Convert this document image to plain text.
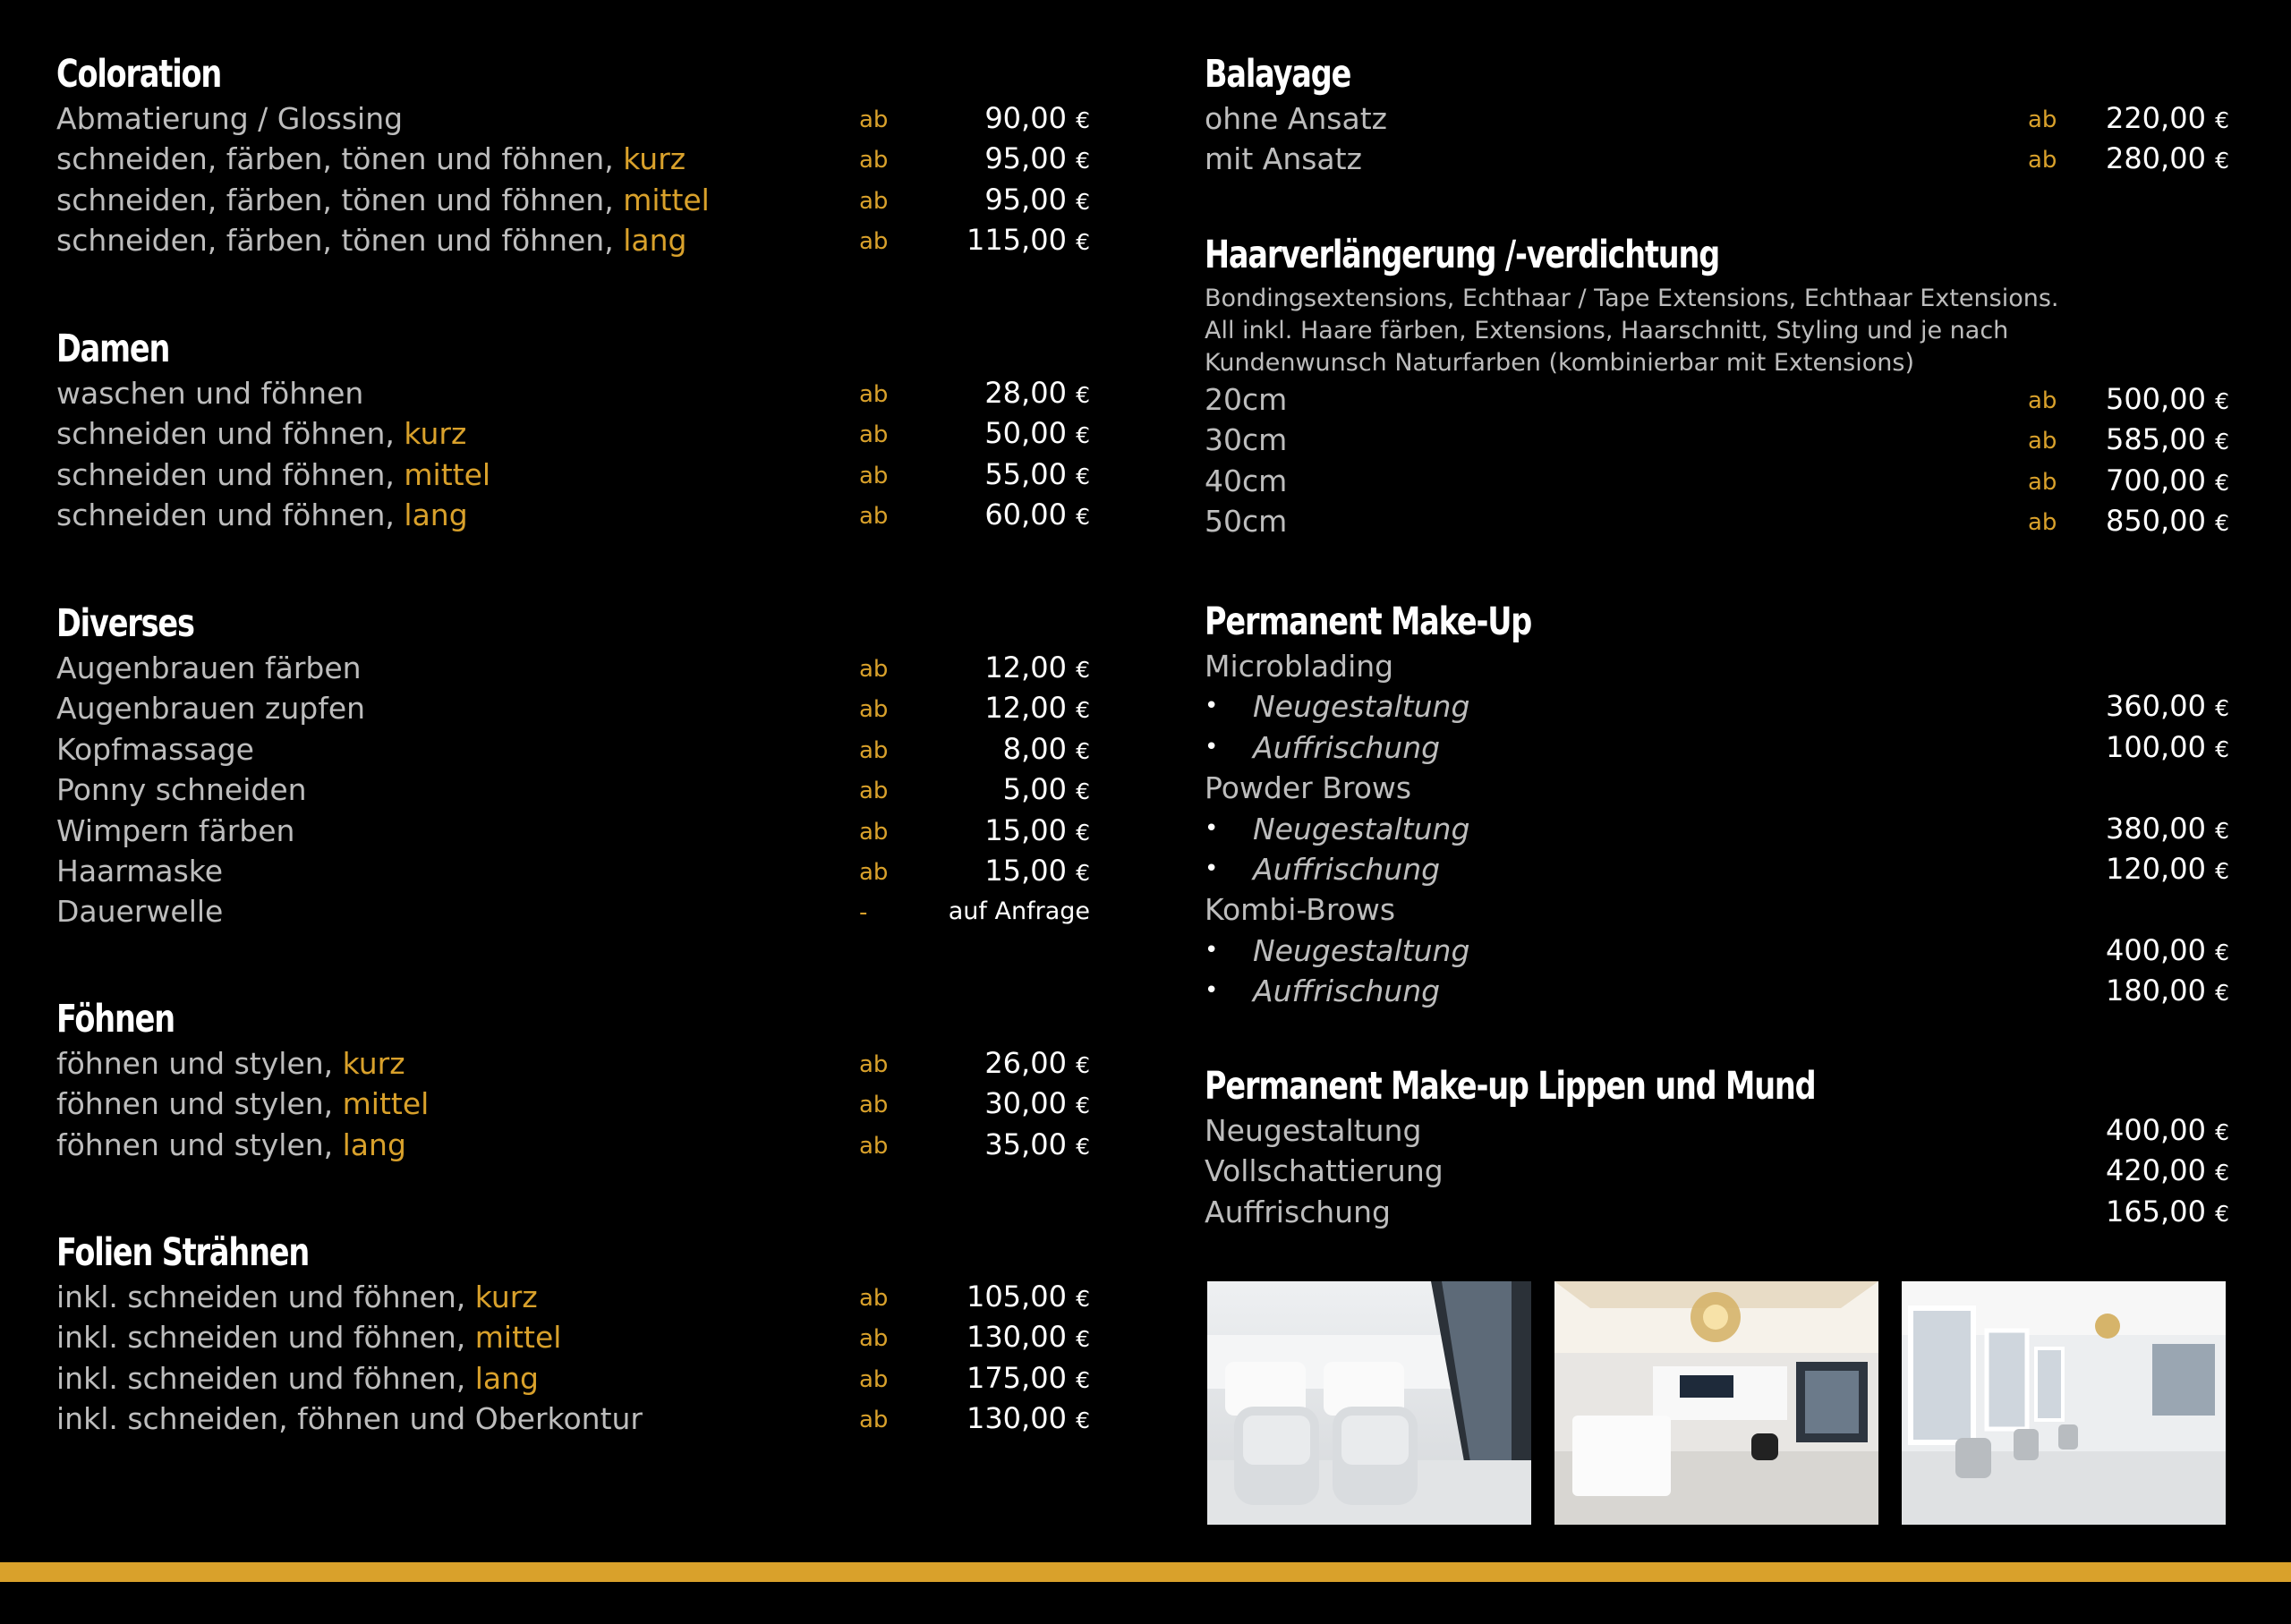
Coloration
Abmatierung / Glossing	ab	90,00 €
schneiden, färben, tönen und föhnen, kurz	ab	95,00 €
schneiden, färben, tönen und föhnen, mittel	ab	95,00 €
schneiden, färben, tönen und föhnen, lang	ab	115,00 €
Damen
waschen und föhnen	ab	28,00 €
schneiden und föhnen, kurz	ab	50,00 €
schneiden und föhnen, mittel	ab	55,00 €
schneiden und föhnen, lang	ab	60,00 €
Diverses
Augenbrauen färben	ab	12,00 €
Augenbrauen zupfen	ab	12,00 €
Kopfmassage	ab	8,00 €
Ponny schneiden	ab	5,00 €
Wimpern färben	ab	15,00 €
Haarmaske	ab	15,00 €
Dauerwelle	-	auf Anfrage
Föhnen
föhnen und stylen, kurz	ab	26,00 €
föhnen und stylen, mittel	ab	30,00 €
föhnen und stylen, lang	ab	35,00 €
Folien Strähnen
inkl. schneiden und föhnen, kurz	ab	105,00 €
inkl. schneiden und föhnen, mittel	ab	130,00 €
inkl. schneiden und föhnen, lang	ab	175,00 €
inkl. schneiden, föhnen und Oberkontur	ab	130,00 €
Balayage
ohne Ansatz	ab 220,00 €
mit Ansatz	ab 280,00 €
Haarverlängerung /-verdichtung
Bondingsextensions, Echthaar / Tape Extensions, Echthaar Extensions.
All inkl. Haare färben, Extensions, Haarschnitt, Styling und je nach
Kundenwunsch Naturfarben (kombinierbar mit Extensions)
20cm	ab 500,00 €
30cm	ab 585,00 €
40cm	ab 700,00 €
50cm	ab 850,00 €
Permanent Make-Up
Microblading
• Neugestaltung	360,00 €
• Auffrischung	100,00 €
Powder Brows
• Neugestaltung	380,00 €
• Auffrischung	120,00 €
Kombi-Brows
• Neugestaltung	400,00 €
• Auffrischung	180,00 €
Permanent Make-up Lippen und Mund
Neugestaltung	400,00 €
Vollschattierung	420,00 €
Auffrischung	165,00 €
